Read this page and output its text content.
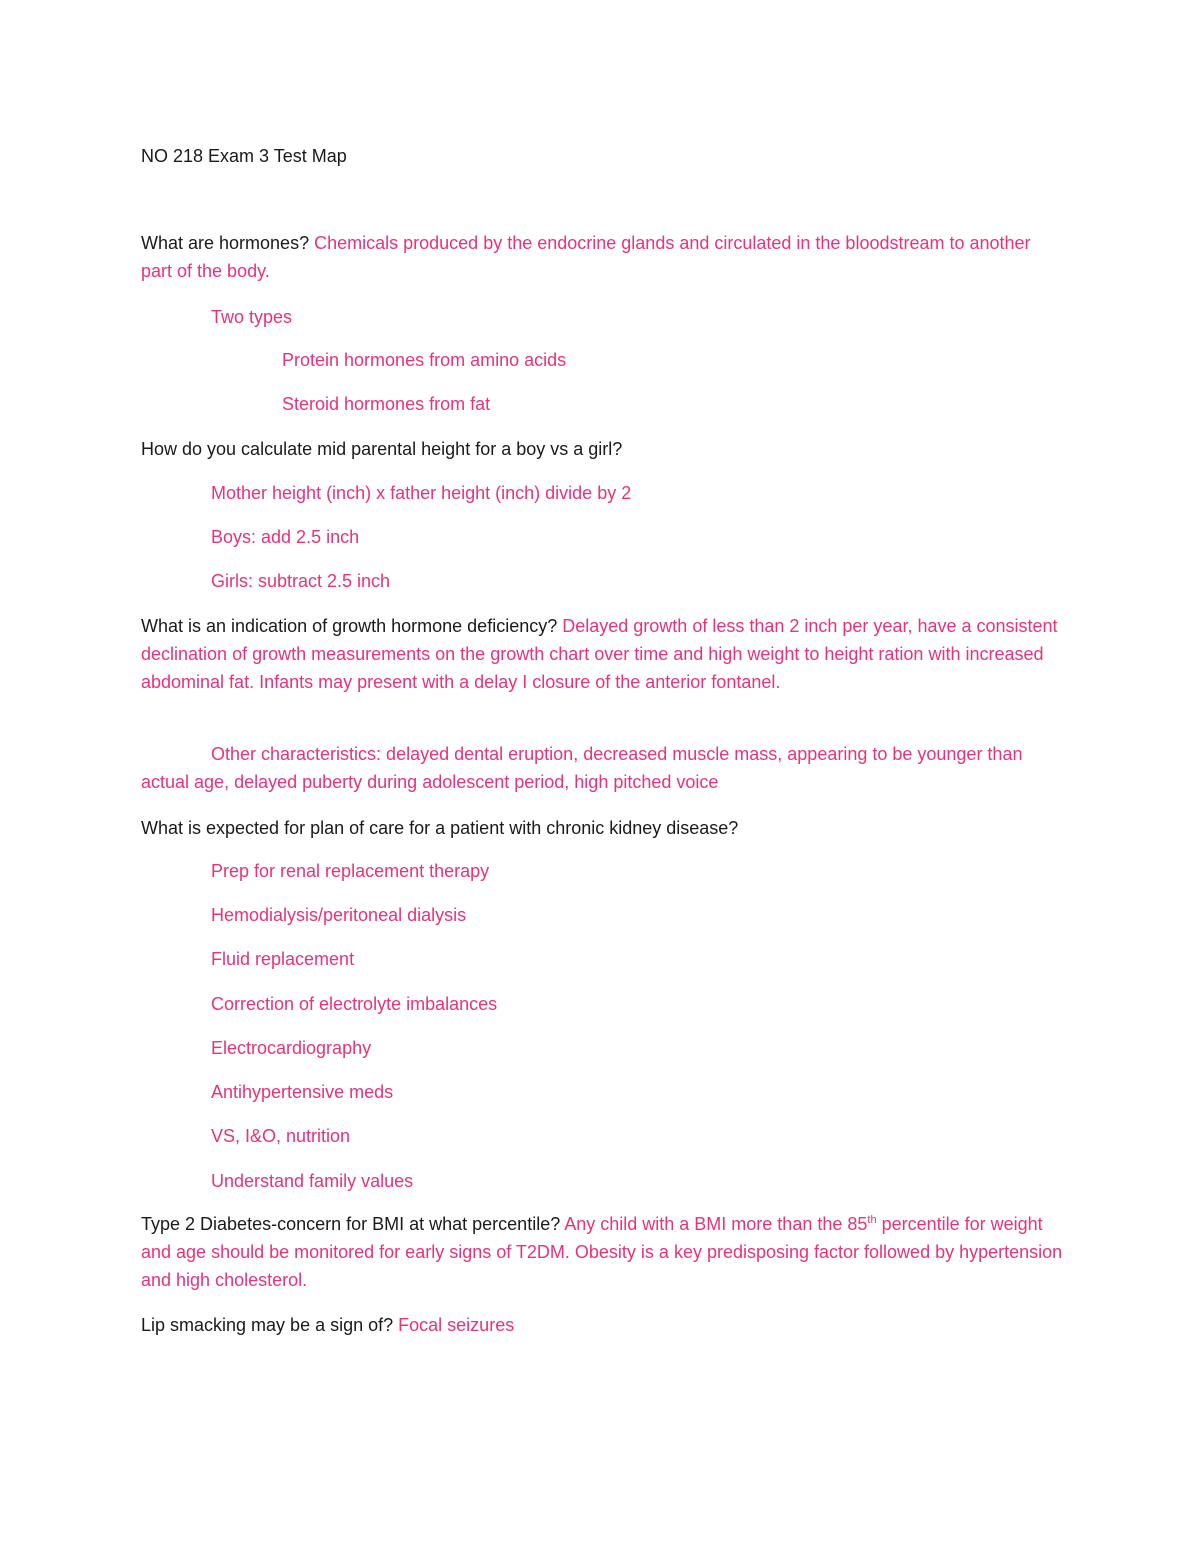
NO 218 Exam 3 Test Map

What are hormones? Chemicals produced by the endocrine glands and circulated in the bloodstream to another part of the body.

Two types

Protein hormones from amino acids

Steroid hormones from fat

How do you calculate mid parental height for a boy vs a girl?

Mother height (inch) x father height (inch) divide by 2

Boys: add 2.5 inch

Girls: subtract 2.5 inch

What is an indication of growth hormone deficiency? Delayed growth of less than 2 inch per year, have a consistent declination of growth measurements on the growth chart over time and high weight to height ration with increased abdominal fat. Infants may present with a delay I closure of the anterior fontanel.

Other characteristics: delayed dental eruption, decreased muscle mass, appearing to be younger than actual age, delayed puberty during adolescent period, high pitched voice

What is expected for plan of care for a patient with chronic kidney disease?

Prep for renal replacement therapy

Hemodialysis/peritoneal dialysis

Fluid replacement

Correction of electrolyte imbalances

Electrocardiography

Antihypertensive meds

VS, I&O, nutrition

Understand family values

Type 2 Diabetes-concern for BMI at what percentile? Any child with a BMI more than the 85th percentile for weight and age should be monitored for early signs of T2DM. Obesity is a key predisposing factor followed by hypertension and high cholesterol.

Lip smacking may be a sign of? Focal seizures
